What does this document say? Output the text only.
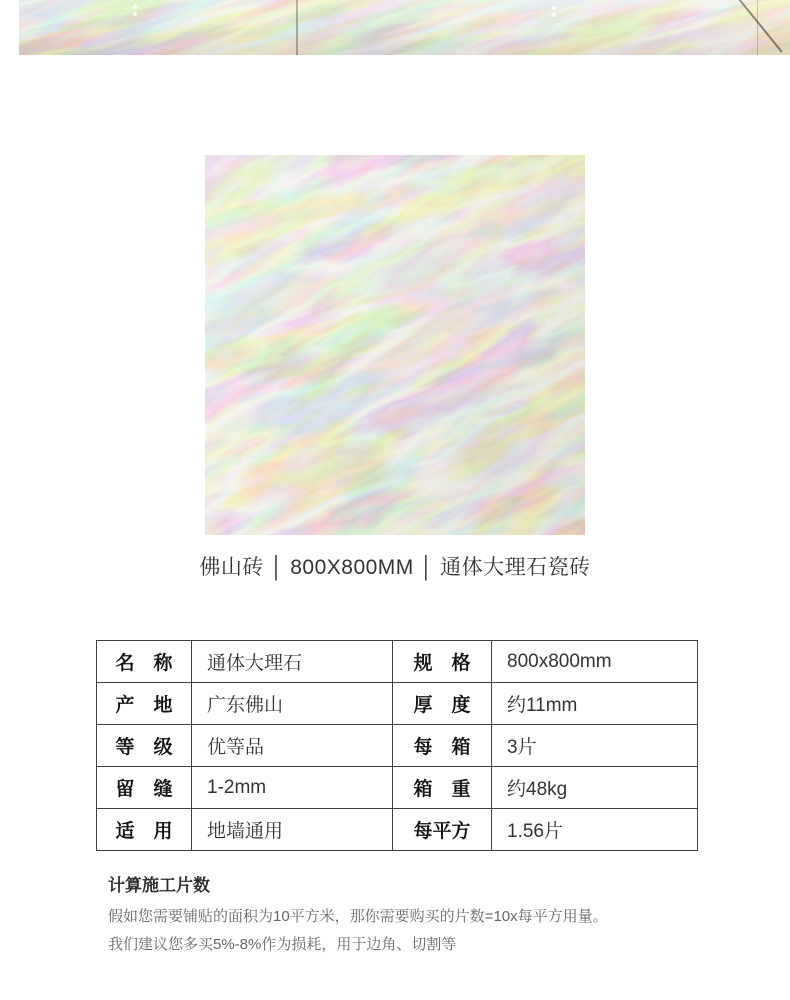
佛山砖 │ 800X800MM │ 通体大理石瓷砖
名　称	通体大理石	规　格	800x800mm
产　地	广东佛山	厚　度	约11mm
等　级	优等品	每　箱	3片
留　缝	1-2mm	箱　重	约48kg
适　用	地墙通用	每平方	1.56片
计算施工片数

假如您需要铺贴的面积为10平方米，那你需要购买的片数=10x每平方用量。

我们建议您多买5%-8%作为损耗，用于边角、切割等
